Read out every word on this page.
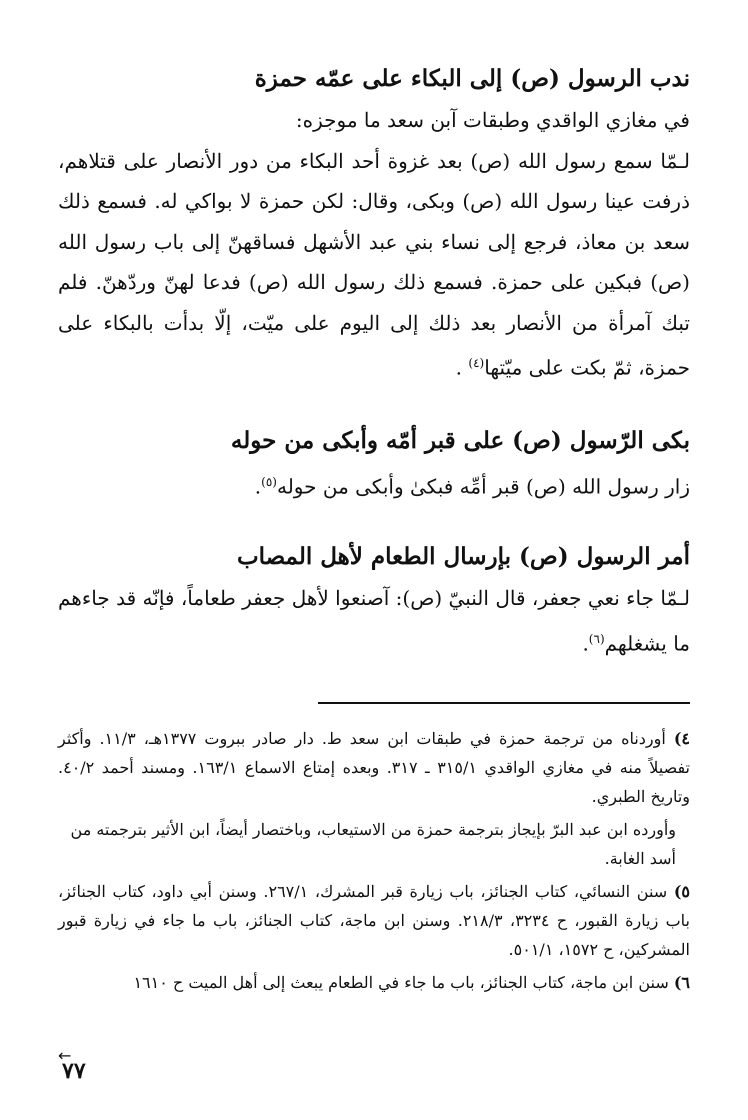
ندب الرسول (ص) إلى البكاء على عمّه حمزة

في مغازي الواقدي وطبقات آبن سعد ما موجزه:

لـمّا سمع رسول الله (ص) بعد غزوة أحد البكاء من دور الأنصار على قتلاهم، ذرفت عينا رسول الله (ص) وبكى، وقال: لكن حمزة لا بواكي له. فسمع ذلك سعد بن معاذ، فرجع إلى نساء بني عبد الأشهل فساقهنّ إلى باب رسول الله (ص) فبكين على حمزة. فسمع ذلك رسول الله (ص) فدعا لهنّ وردّهنّ. فلم تبك آمرأة من الأنصار بعد ذلك إلى اليوم على ميّت، إلّا بدأت بالبكاء على حمزة، ثمّ بكت على ميّتها$^{(٤)}$ .

بكى الرّسول (ص) على قبر أمّه وأبكى من حوله

زار رسول الله (ص) قبر أمِّه فبكىٰ وأبكى من حوله$^{(٥)}$.

أمر الرسول (ص) بإرسال الطعام لأهل المصاب

لـمّا جاء نعي جعفر، قال النبيّ (ص): آصنعوا لأهل جعفر طعاماً، فإنّه قد جاءهم ما يشغلهم$^{(٦)}$.

٤) أوردناه من ترجمة حمزة في طبقات ابن سعد ط. دار صادر ببروت ١٣٧٧هـ، ١١/٣. وأكثر تفصيلاً منه في مغازي الواقدي ٣١٥/١ ـ ٣١٧. وبعده إمتاع الاسماع ١٦٣/١. ومسند أحمد ٤٠/٢. وتاريخ الطبري.

وأورده ابن عبد البرّ بإيجاز بترجمة حمزة من الاستيعاب، وباختصار أيضاً، ابن الأثير بترجمته من أسد الغابة.

٥) سنن النسائي، كتاب الجنائز، باب زيارة قبر المشرك، ٢٦٧/١. وسنن أبي داود، كتاب الجنائز، باب زيارة القبور، ح ٣٢٣٤، ٢١٨/٣. وسنن ابن ماجة، كتاب الجنائز، باب ما جاء في زيارة قبور المشركين، ح ١٥٧٢، ٥٠١/١.

٦) سنن ابن ماجة، كتاب الجنائز، باب ما جاء في الطعام يبعث إلى أهل الميت ح ١٦١٠

←
٧٧
